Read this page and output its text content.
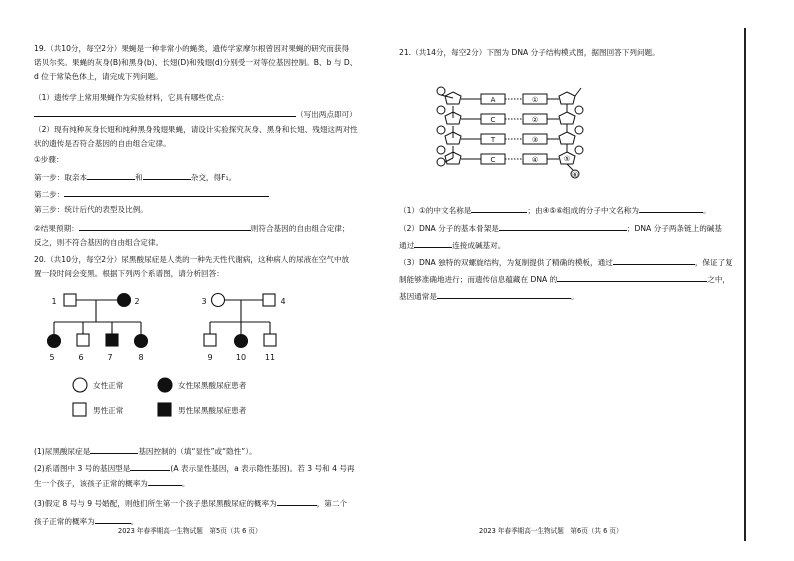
19.（共10分，每空2分）果蝇是一种非常小的蝇类，遗传学家摩尔根曾因对果蝇的研究而获得
诺贝尔奖。果蝇的灰身(B)和黑身(b)、长翅(D)和残翅(d)分别受一对等位基因控制。B、b 与 D、
d 位于常染色体上，请完成下列问题。
（1）遗传学上常用果蝇作为实验材料，它具有哪些优点：
（写出两点即可）
（2）现有纯种灰身长翅和纯种黑身残翅果蝇，请设计实验探究灰身、黑身和长翅、残翅这两对性
状的遗传是否符合基因的自由组合定律。
①步骤：
第一步：取亲本	和	杂交，得F₁。
第二步：
第三步：统计后代的表型及比例。
②结果预期：	则符合基因的自由组合定律；
反之，则不符合基因的自由组合定律。
20.（共10分，每空2分）尿黑酸尿症是人类的一种先天性代谢病，这种病人的尿液在空气中放
置一段时间会变黑。根据下列两个系谱图，请分析回答：
1	2	3	4
5	6	7	8	9	10 11
女性正常	女性尿黑酸尿症患者
男性正常	男性尿黑酸尿症患者
(1)尿黑酸尿症是	基因控制的（填“显性”或“隐性”）。
(2)系谱图中 3 号的基因型是	(A 表示显性基因，a 表示隐性基因)。若 3 号和 4 号再
生一个孩子，该孩子正常的概率为	。
(3)假定 8 号与 9 号婚配，则他们所生第一个孩子患尿黑酸尿症的概率为	，第二个
孩子正常的概率为	。
2023 年春季期高一生物试题　第5页（共 6 页）
21.（共14分，每空2分）下图为 DNA 分子结构模式图，据图回答下列问题。
A
C
T
C
①
②
③
④	⑤
⑥
（1）①的中文名称是	；由④⑤⑥组成的分子中文名称为	。
（2）DNA 分子的基本骨架是	；DNA 分子两条链上的碱基
通过	连接成碱基对。
（3）DNA 独特的双螺旋结构，为复制提供了精确的模板，通过	，保证了复
制能够准确地进行；而遗传信息蕴藏在 DNA 的	之中，
基因通常是	。
2023 年春季期高一生物试题　第6页（共 6 页）
